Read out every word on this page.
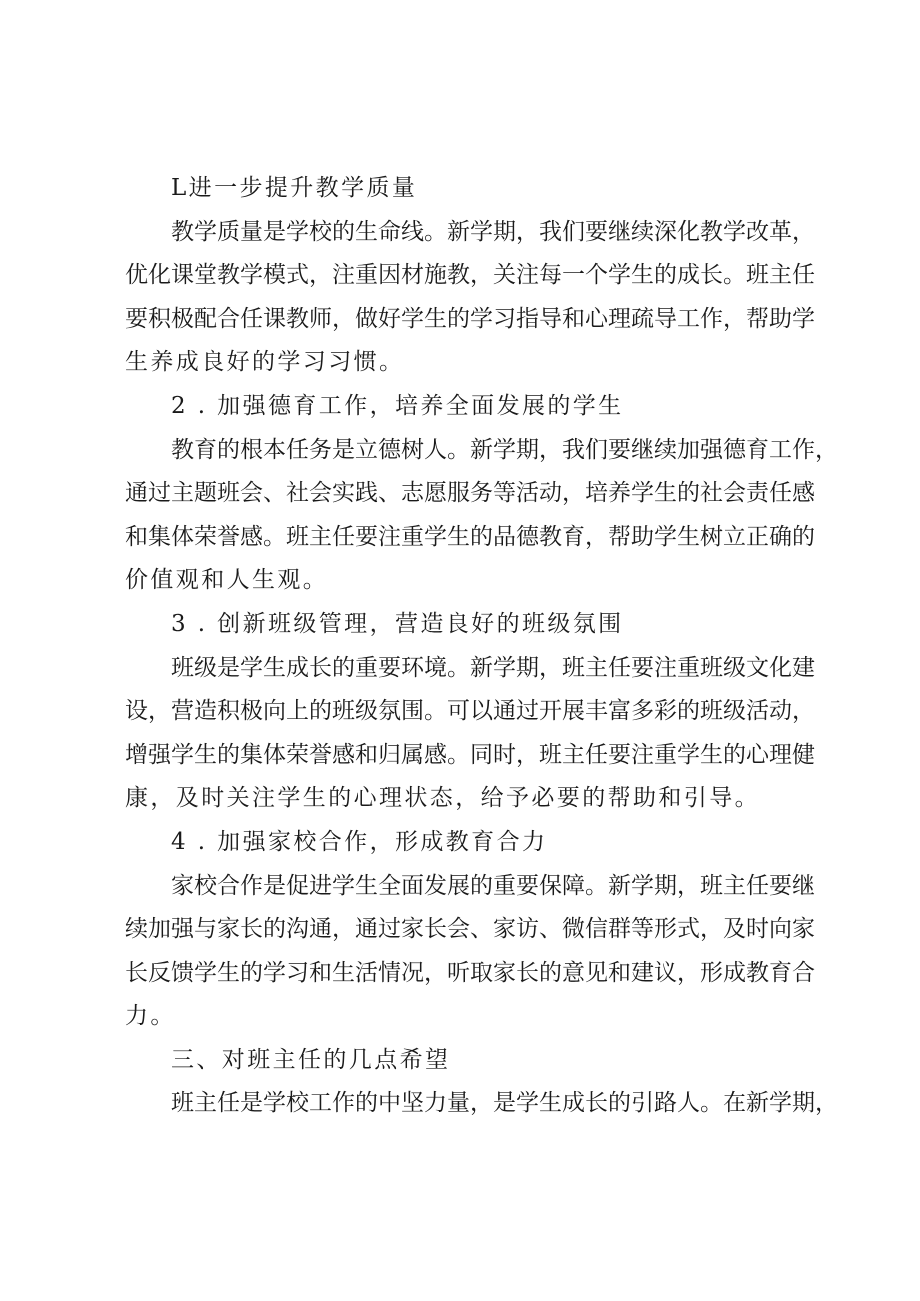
L进一步提升教学质量
教学质量是学校的生命线。新学期，我们要继续深化教学改革，
优化课堂教学模式，注重因材施教，关注每一个学生的成长。班主任
要积极配合任课教师，做好学生的学习指导和心理疏导工作，帮助学
生养成良好的学习习惯。
2 . 加强德育工作，培养全面发展的学生
教育的根本任务是立德树人。新学期，我们要继续加强德育工作，
通过主题班会、社会实践、志愿服务等活动，培养学生的社会责任感
和集体荣誉感。班主任要注重学生的品德教育，帮助学生树立正确的
价值观和人生观。
3 . 创新班级管理，营造良好的班级氛围
班级是学生成长的重要环境。新学期，班主任要注重班级文化建
设，营造积极向上的班级氛围。可以通过开展丰富多彩的班级活动，
增强学生的集体荣誉感和归属感。同时，班主任要注重学生的心理健
康，及时关注学生的心理状态，给予必要的帮助和引导。
4 . 加强家校合作，形成教育合力
家校合作是促进学生全面发展的重要保障。新学期，班主任要继
续加强与家长的沟通，通过家长会、家访、微信群等形式，及时向家
长反馈学生的学习和生活情况，听取家长的意见和建议，形成教育合
力。
三、对班主任的几点希望
班主任是学校工作的中坚力量，是学生成长的引路人。在新学期，
